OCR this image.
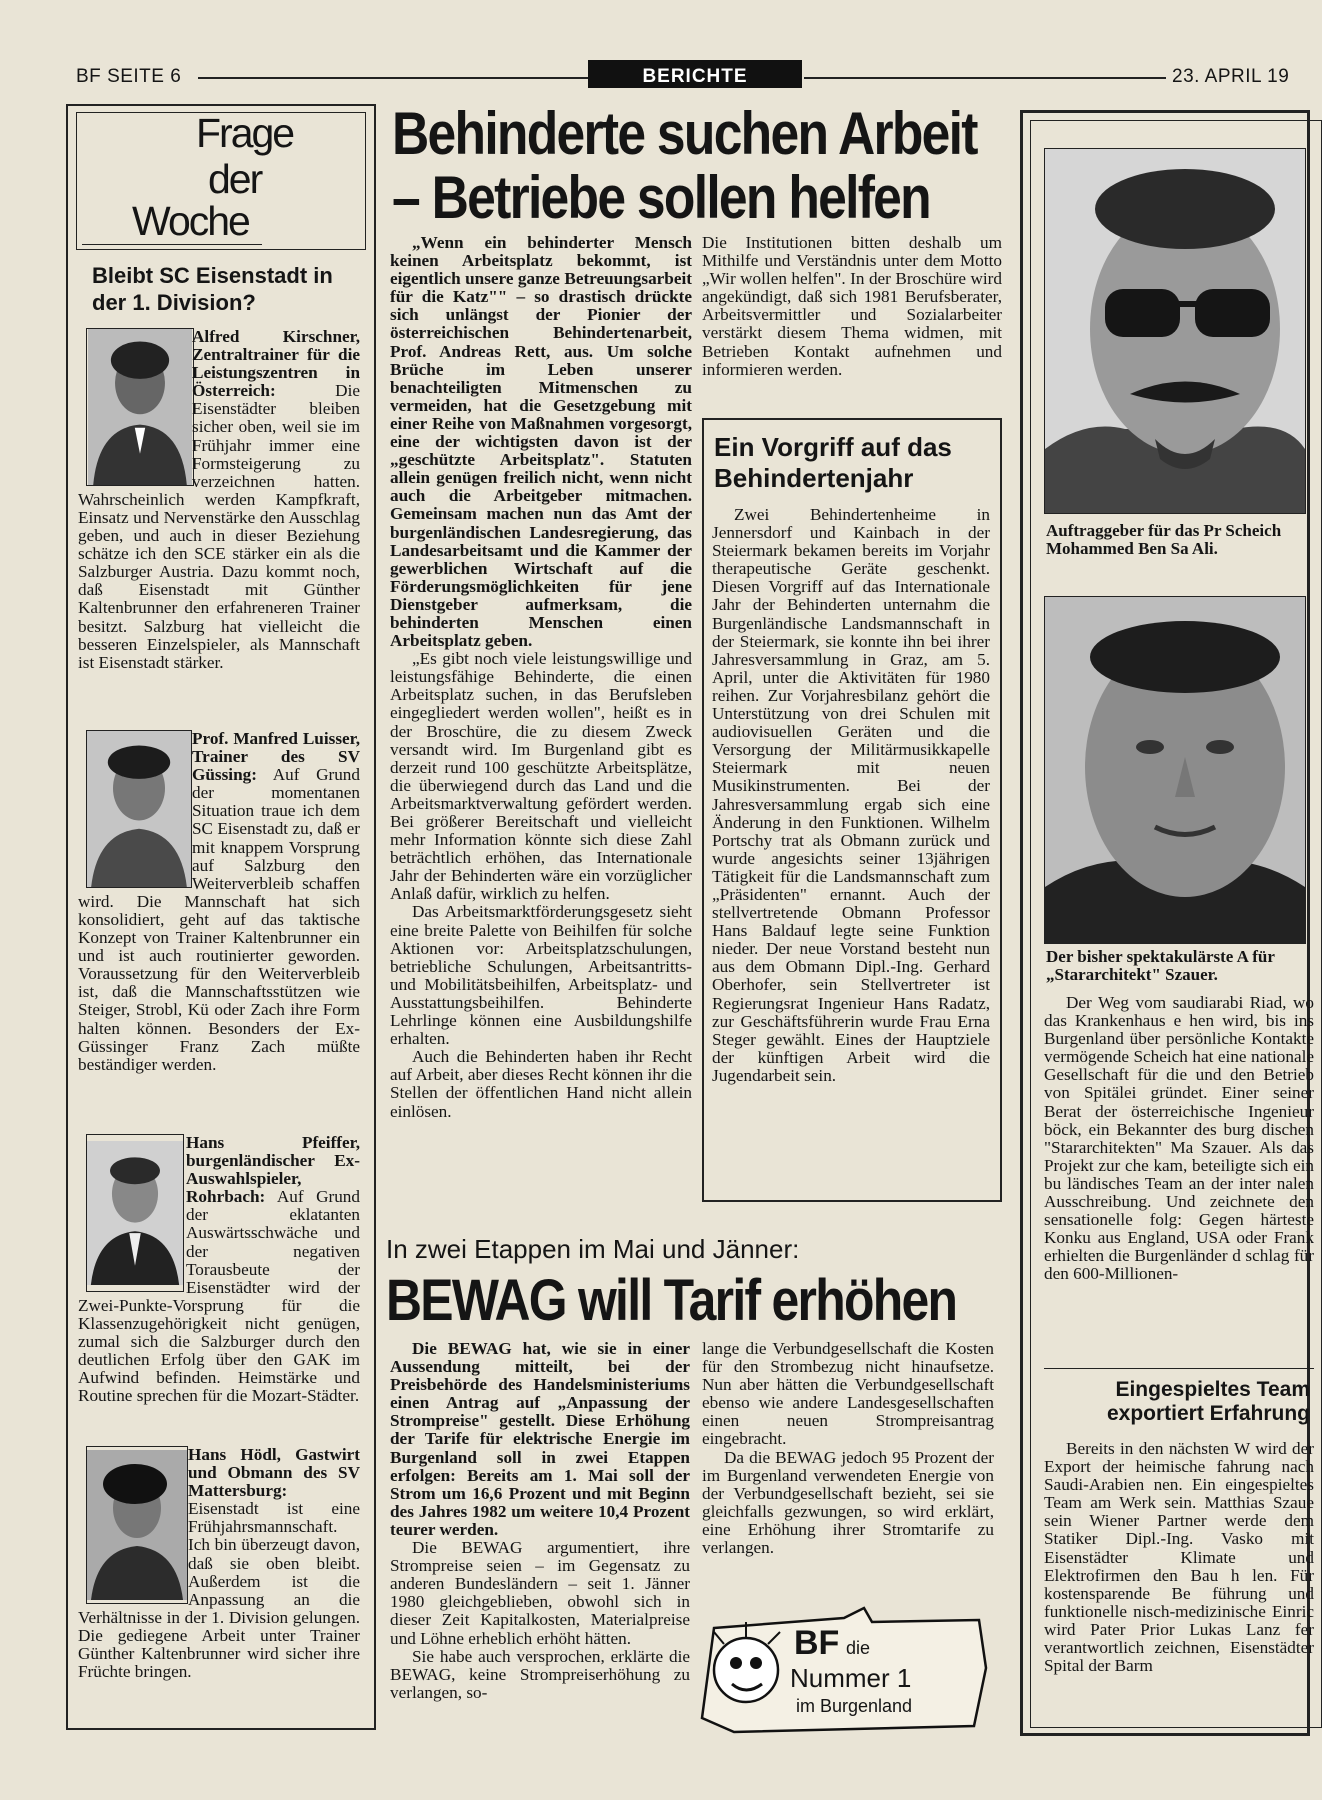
BF SEITE 6	BERICHTE	23. APRIL 19
Frage
der
Woche
Bleibt SC Eisenstadt in der 1. Division?
Alfred Kirschner, Zentraltrainer für die Leistungszentren in Österreich:	Die Eisenstädter bleiben sicher oben, weil sie im Frühjahr immer eine Formsteigerung zu verzeichnen hatten. Wahrscheinlich werden Kampfkraft, Einsatz und Nervenstärke den Ausschlag geben, und auch in dieser Beziehung schätze ich den SCE stärker ein als die Salzburger Austria. Dazu kommt noch, daß Eisenstadt mit Günther Kaltenbrunner den erfahreneren Trainer besitzt. Salzburg hat vielleicht die besseren Einzelspieler, als Mannschaft ist Eisenstadt stärker.
Prof. Manfred Luisser, Trainer des SV Güssing: Auf Grund der momentanen Situation traue ich dem SC Eisenstadt zu, daß er mit knappem Vorsprung auf Salzburg den Weiterverbleib schaffen wird. Die Mannschaft hat sich konsolidiert, geht auf das taktische Konzept von Trainer Kaltenbrunner ein und ist auch routinierter geworden. Voraussetzung für den Weiterverbleib ist, daß die Mannschaftsstützen wie Steiger, Strobl, Kü oder Zach ihre Form halten können. Besonders der Ex-Güssinger Franz Zach müßte beständiger werden.
Hans Pfeiffer, burgenländischer Ex-Auswahlspieler, Rohrbach: Auf Grund der eklatanten Auswärtsschwäche und der negativen Torausbeute der Eisenstädter wird der Zwei-Punkte-Vorsprung für die Klassenzugehörigkeit nicht genügen, zumal sich die Salzburger durch den deutlichen Erfolg über den GAK im Aufwind befinden. Heimstärke und Routine sprechen für die Mozart-Städter.
Hans Hödl, Gastwirt und Obmann des SV Mattersburg: Eisenstadt ist eine Frühjahrsmannschaft. Ich bin überzeugt davon, daß sie oben bleibt. Außerdem ist die Anpassung an die Verhältnisse in der 1. Division gelungen. Die gediegene Arbeit unter Trainer Günther Kaltenbrunner wird sicher ihre Früchte bringen.
Behinderte suchen Arbeit
– Betriebe sollen helfen

„Wenn ein behinderter Mensch keinen Arbeitsplatz bekommt, ist eigentlich unsere ganze Betreuungsarbeit für die Katz"" – so drastisch drückte sich unlängst der Pionier der österreichischen Behindertenarbeit, Prof. Andreas Rett, aus. Um solche Brüche im Leben unserer benachteiligten Mitmenschen zu vermeiden, hat die Gesetzgebung mit einer Reihe von Maßnahmen vorgesorgt, eine der wichtigsten davon ist der „geschützte Arbeitsplatz". Statuten allein genügen freilich nicht, wenn nicht auch die Arbeitgeber mitmachen. Gemeinsam machen nun das Amt der burgenländischen Landesregierung, das Landesarbeitsamt und die Kammer der gewerblichen Wirtschaft auf die Förderungsmöglichkeiten für jene Dienstgeber aufmerksam, die behinderten Menschen einen Arbeitsplatz geben.

„Es gibt noch viele leistungswillige und leistungsfähige Behinderte, die einen Arbeitsplatz suchen, in das Berufsleben eingegliedert werden wollen", heißt es in der Broschüre, die zu diesem Zweck versandt wird. Im Burgenland gibt es derzeit rund 100 geschützte Arbeitsplätze, die überwiegend durch das Land und die Arbeitsmarktverwaltung gefördert werden. Bei größerer Bereitschaft und vielleicht mehr Information könnte sich diese Zahl beträchtlich erhöhen, das Internationale Jahr der Behinderten wäre ein vorzüglicher Anlaß dafür, wirklich zu helfen.

Das Arbeitsmarktförderungsgesetz sieht eine breite Palette von Beihilfen für solche Aktionen vor: Arbeitsplatzschulungen, betriebliche Schulungen, Arbeitsantritts- und Mobilitätsbeihilfen, Arbeitsplatz- und Ausstattungsbeihilfen. Behinderte Lehrlinge können eine Ausbildungshilfe erhalten.

Auch die Behinderten haben ihr Recht auf Arbeit, aber dieses Recht können ihr die Stellen der öffentlichen Hand nicht allein einlösen.

Die Institutionen bitten deshalb um Mithilfe und Verständnis unter dem Motto „Wir wollen helfen". In der Broschüre wird angekündigt, daß sich 1981 Berufsberater, Arbeitsvermittler und Sozialarbeiter verstärkt diesem Thema widmen, mit Betrieben Kontakt aufnehmen und informieren werden.

Ein Vorgriff auf das Behindertenjahr

Zwei Behindertenheime in Jennersdorf und Kainbach in der Steiermark bekamen bereits im Vorjahr therapeutische Geräte geschenkt. Diesen Vorgriff auf das Internationale Jahr der Behinderten unternahm die Burgenländische Landsmannschaft in der Steiermark, sie konnte ihn bei ihrer Jahresversammlung in Graz, am 5. April, unter die Aktivitäten für 1980 reihen. Zur Vorjahresbilanz gehört die Unterstützung von drei Schulen mit audiovisuellen Geräten und die Versorgung der Militärmusikkapelle Steiermark mit neuen Musikinstrumenten. Bei der Jahresversammlung ergab sich eine Änderung in den Funktionen. Wilhelm Portschy trat als Obmann zurück und wurde angesichts seiner 13jährigen Tätigkeit für die Landsmannschaft zum „Präsidenten" ernannt. Auch der stellvertretende Obmann Professor Hans Baldauf legte seine Funktion nieder. Der neue Vorstand besteht nun aus dem Obmann Dipl.-Ing. Gerhard Oberhofer, sein Stellvertreter ist Regierungsrat Ingenieur Hans Radatz, zur Geschäftsführerin wurde Frau Erna Steger gewählt. Eines der Hauptziele der künftigen Arbeit wird die Jugendarbeit sein.

In zwei Etappen im Mai und Jänner:
BEWAG will Tarif erhöhen

Die BEWAG hat, wie sie in einer Aussendung mitteilt, bei der Preisbehörde des Handelsministeriums einen Antrag auf „Anpassung der Strompreise" gestellt. Diese Erhöhung der Tarife für elektrische Energie im Burgenland soll in zwei Etappen erfolgen: Bereits am 1. Mai soll der Strom um 16,6 Prozent und mit Beginn des Jahres 1982 um weitere 10,4 Prozent teurer werden.

Die BEWAG argumentiert, ihre Strompreise seien – im Gegensatz zu anderen Bundesländern – seit 1. Jänner 1980 gleichgeblieben, obwohl sich in dieser Zeit Kapitalkosten, Materialpreise und Löhne erheblich erhöht hätten.

Sie habe auch versprochen, erklärte die BEWAG, keine Strompreiserhöhung zu verlangen, so-

lange die Verbundgesellschaft die Kosten für den Strombezug nicht hinaufsetze. Nun aber hätten die Verbundgesellschaft ebenso wie andere Landesgesellschaften einen neuen Strompreisantrag eingebracht.

Da die BEWAG jedoch 95 Prozent der im Burgenland verwendeten Energie von der Verbundgesellschaft bezieht, sei sie gleichfalls gezwungen, so wird erklärt, eine Erhöhung ihrer Stromtarife zu verlangen.

BF die
Nummer 1
im Burgenland
Auftraggeber für das Pr Scheich Mohammed Ben Sa Ali.
Der bisher spektakulärste A für „Stararchitekt" Szauer.

Der Weg vom saudiarabi Riad, wo das Krankenhaus e hen wird, bis ins Burgenland über persönliche Kontakte vermögende Scheich hat eine nationale Gesellschaft für die und den Betrieb von Spitälei gründet. Einer seiner Berat der österreichische Ingenieur böck, ein Bekannter des burg dischen "Stararchitekten" Ma Szauer. Als das Projekt zur che kam, beteiligte sich ein bu ländisches Team an der inter nalen Ausschreibung. Und zeichnete den sensationelle folg: Gegen härteste Konku aus England, USA oder Frank erhielten die Burgenländer d schlag für den 600-Millionen-

Eingespieltes Team exportiert Erfahrung

Bereits in den nächsten W wird der Export der heimische fahrung nach Saudi-Arabien nen. Ein eingespieltes Team am Werk sein. Matthias Szaue sein Wiener Partner werde dem Statiker Dipl.-Ing. Vasko mit Eisenstädter Klimate und Elektrofirmen den Bau h len. Für kostensparende Be führung und funktionelle nisch-medizinische Einric wird Pater Prior Lukas Lanz fer verantwortlich zeichnen, Eisenstädter Spital der Barm
